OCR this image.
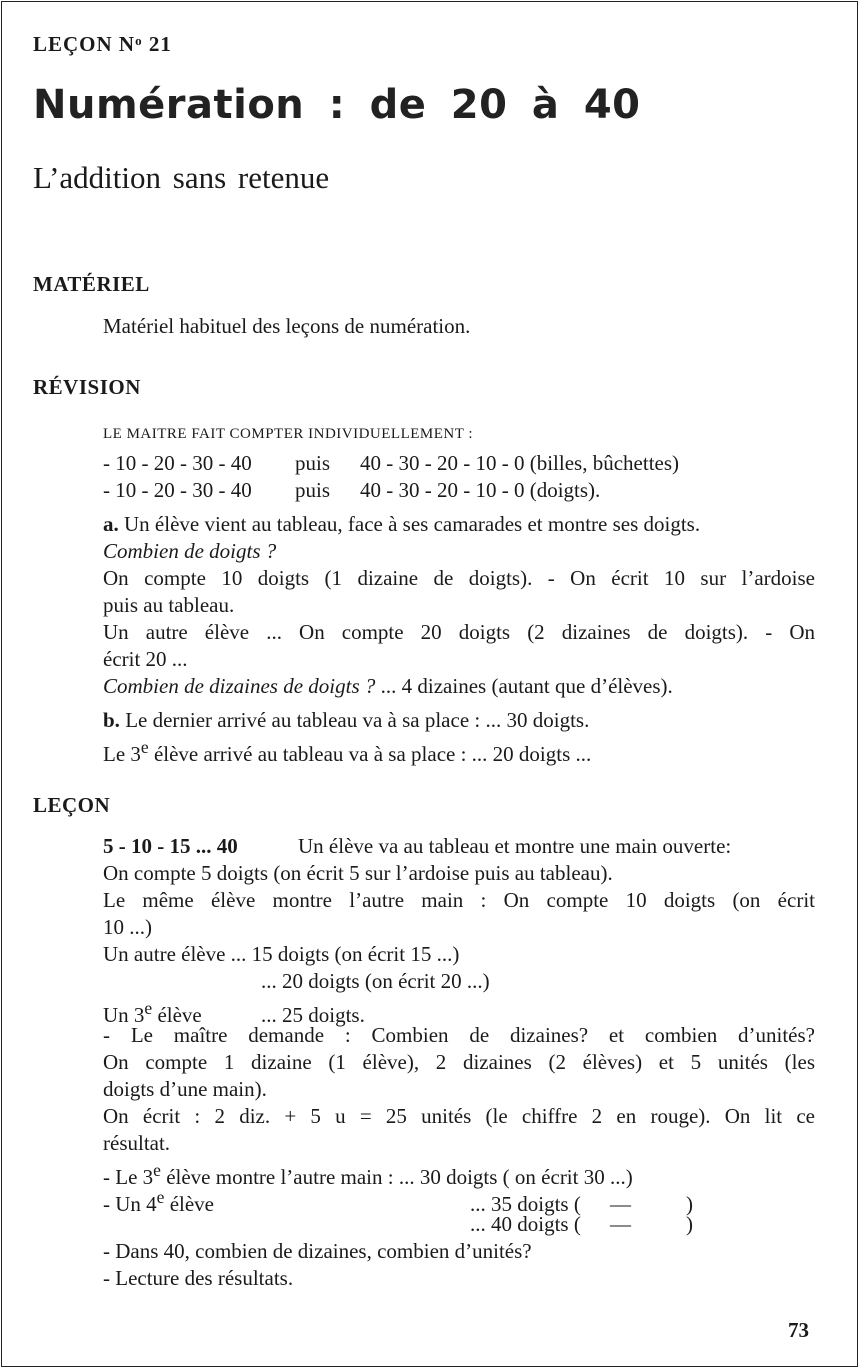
LEÇON $N^o$ 21
Numération : de 20 à 40
L’addition sans retenue
MATÉRIEL
Matériel habituel des leçons de numération.
RÉVISION
LE MAITRE FAIT COMPTER INDIVIDUELLEMENT :
- 10 - 20 - 30 - 40 puis 40 - 30 - 20 - 10 - 0 (billes, bûchettes)
- 10 - 20 - 30 - 40 puis 40 - 30 - 20 - 10 - 0 (doigts).
a. Un élève vient au tableau, face à ses camarades et montre ses doigts.
Combien de doigts ?
On compte 10 doigts (1 dizaine de doigts). - On écrit 10 sur l’ardoise
puis au tableau.
Un autre élève ... On compte 20 doigts (2 dizaines de doigts). - On
écrit 20 ...
Combien de dizaines de doigts ? ... 4 dizaines (autant que d’élèves).
b. Le dernier arrivé au tableau va à sa place : ... 30 doigts.
Le 3e élève arrivé au tableau va à sa place : ... 20 doigts ...
LEÇON
5 - 10 - 15 ... 40	Un élève va au tableau et montre une main ouverte:
On compte 5 doigts (on écrit 5 sur l’ardoise puis au tableau).
Le même élève montre l’autre main : On compte 10 doigts (on écrit
10 ...)
Un autre élève ... 15 doigts (on écrit 15 ...)
... 20 doigts (on écrit 20 ...)
Un 3e élève	... 25 doigts.
- Le maître demande : Combien de dizaines? et combien d’unités?
On compte 1 dizaine (1 élève), 2 dizaines (2 élèves) et 5 unités (les
doigts d’une main).
On écrit : 2 diz. + 5 u = 25 unités (le chiffre 2 en rouge). On lit ce
résultat.
- Le 3e élève montre l’autre main : ... 30 doigts ( on écrit 30 ...)
- Un 4e élève	... 35 doigts ( —	)
... 40 doigts ( —	)
- Dans 40, combien de dizaines, combien d’unités?
- Lecture des résultats.
73
